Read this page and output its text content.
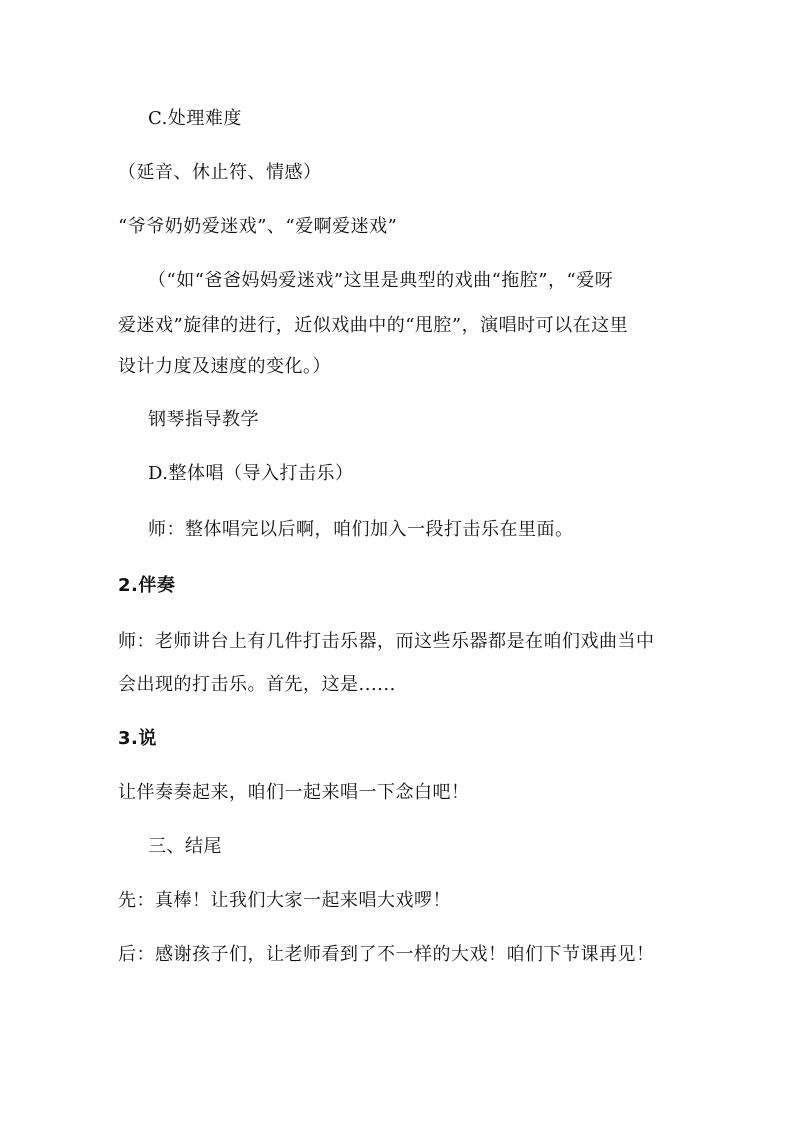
C.处理难度
（延音、休止符、情感）
“爷爷奶奶爱迷戏”、“爱啊爱迷戏”
（“如“爸爸妈妈爱迷戏”这里是典型的戏曲“拖腔”，“爱呀
爱迷戏”旋律的进行，近似戏曲中的“甩腔”，演唱时可以在这里
设计力度及速度的变化。）
钢琴指导教学
D.整体唱（导入打击乐）
师：整体唱完以后啊，咱们加入一段打击乐在里面。
2.伴奏
师：老师讲台上有几件打击乐器，而这些乐器都是在咱们戏曲当中
会出现的打击乐。首先，这是......
3.说
让伴奏奏起来，咱们一起来唱一下念白吧！
三、结尾
先：真棒！让我们大家一起来唱大戏啰！
后：感谢孩子们，让老师看到了不一样的大戏！咱们下节课再见！
